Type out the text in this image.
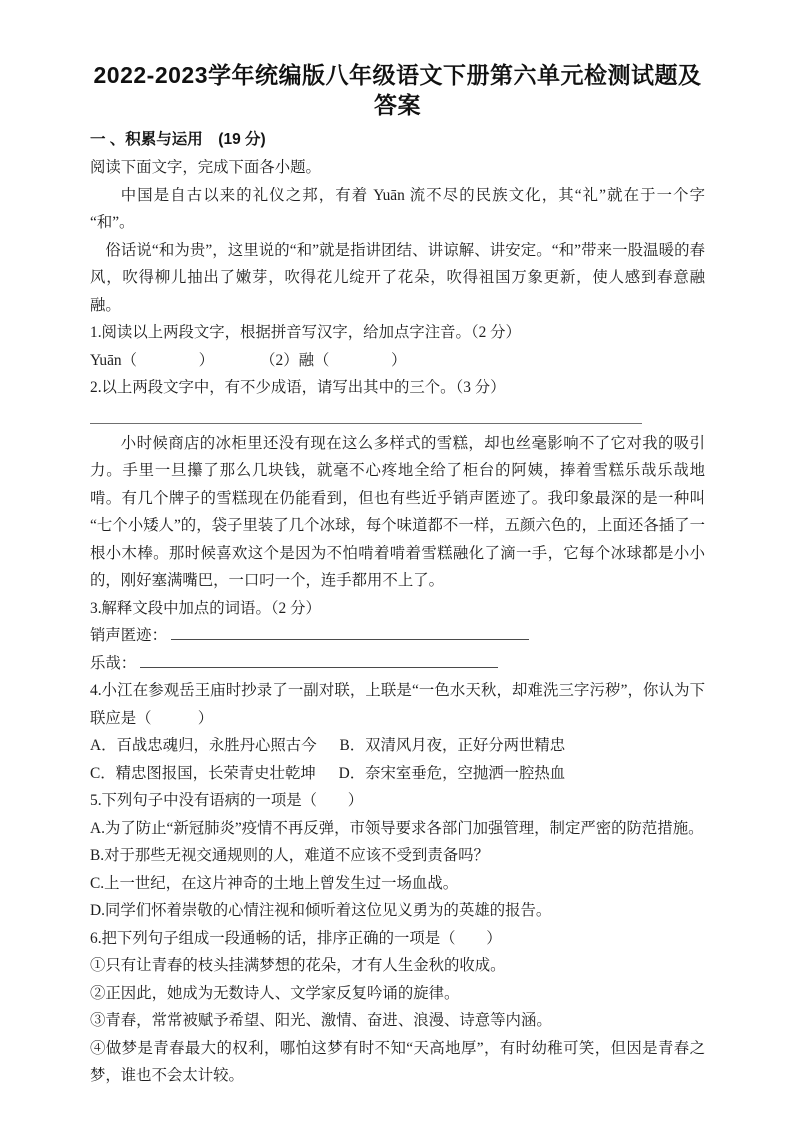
2022-2023学年统编版八年级语文下册第六单元检测试题及答案
一 、积累与运用　(19 分)

阅读下面文字，完成下面各小题。

中国是自古以来的礼仪之邦，有着 Yuān 流不尽的民族文化，其“礼”就在于一个字“和”。

俗话说“和为贵”，这里说的“和”就是指讲团结、讲谅解、讲安定。“和”带来一股温暖的春风，吹得柳儿抽出了嫩芽，吹得花儿绽开了花朵，吹得祖国万象更新，使人感到春意融融。

1.阅读以上两段文字，根据拼音写汉字，给加点字注音。（2 分）

Yuān（　　　　）　　　　（2）融（　　　　）

2.以上两段文字中，有不少成语，请写出其中的三个。（3 分）

小时候商店的冰柜里还没有现在这么多样式的雪糕，却也丝毫影响不了它对我的吸引力。手里一旦攥了那么几块钱，就毫不心疼地全给了柜台的阿姨，捧着雪糕乐哉乐哉地啃。有几个牌子的雪糕现在仍能看到，但也有些近乎销声匿迹了。我印象最深的是一种叫“七个小矮人”的，袋子里装了几个冰球，每个味道都不一样，五颜六色的，上面还各插了一根小木棒。那时候喜欢这个是因为不怕啃着啃着雪糕融化了滴一手，它每个冰球都是小小的，刚好塞满嘴巴，一口叼一个，连手都用不上了。

3.解释文段中加点的词语。（2 分）

销声匿迹：

乐哉：

4.小江在参观岳王庙时抄录了一副对联，上联是“一色水天秋，却难洗三字污秽”，你认为下联应是（　　　）

A．百战忠魂归，永胜丹心照古今 B．双清风月夜，正好分两世精忠

C．精忠图报国，长荣青史壮乾坤 D．奈宋室垂危，空抛洒一腔热血

5.下列句子中没有语病的一项是（　　）

A.为了防止“新冠肺炎”疫情不再反弹，市领导要求各部门加强管理，制定严密的防范措施。

B.对于那些无视交通规则的人，难道不应该不受到责备吗？

C.上一世纪，在这片神奇的土地上曾发生过一场血战。

D.同学们怀着崇敬的心情注视和倾听着这位见义勇为的英雄的报告。

6.把下列句子组成一段通畅的话，排序正确的一项是（　　）

①只有让青春的枝头挂满梦想的花朵，才有人生金秋的收成。

②正因此，她成为无数诗人、文学家反复吟诵的旋律。

③青春，常常被赋予希望、阳光、激情、奋进、浪漫、诗意等内涵。

④做梦是青春最大的权利，哪怕这梦有时不知“天高地厚”，有时幼稚可笑，但因是青春之梦，谁也不会太计较。
